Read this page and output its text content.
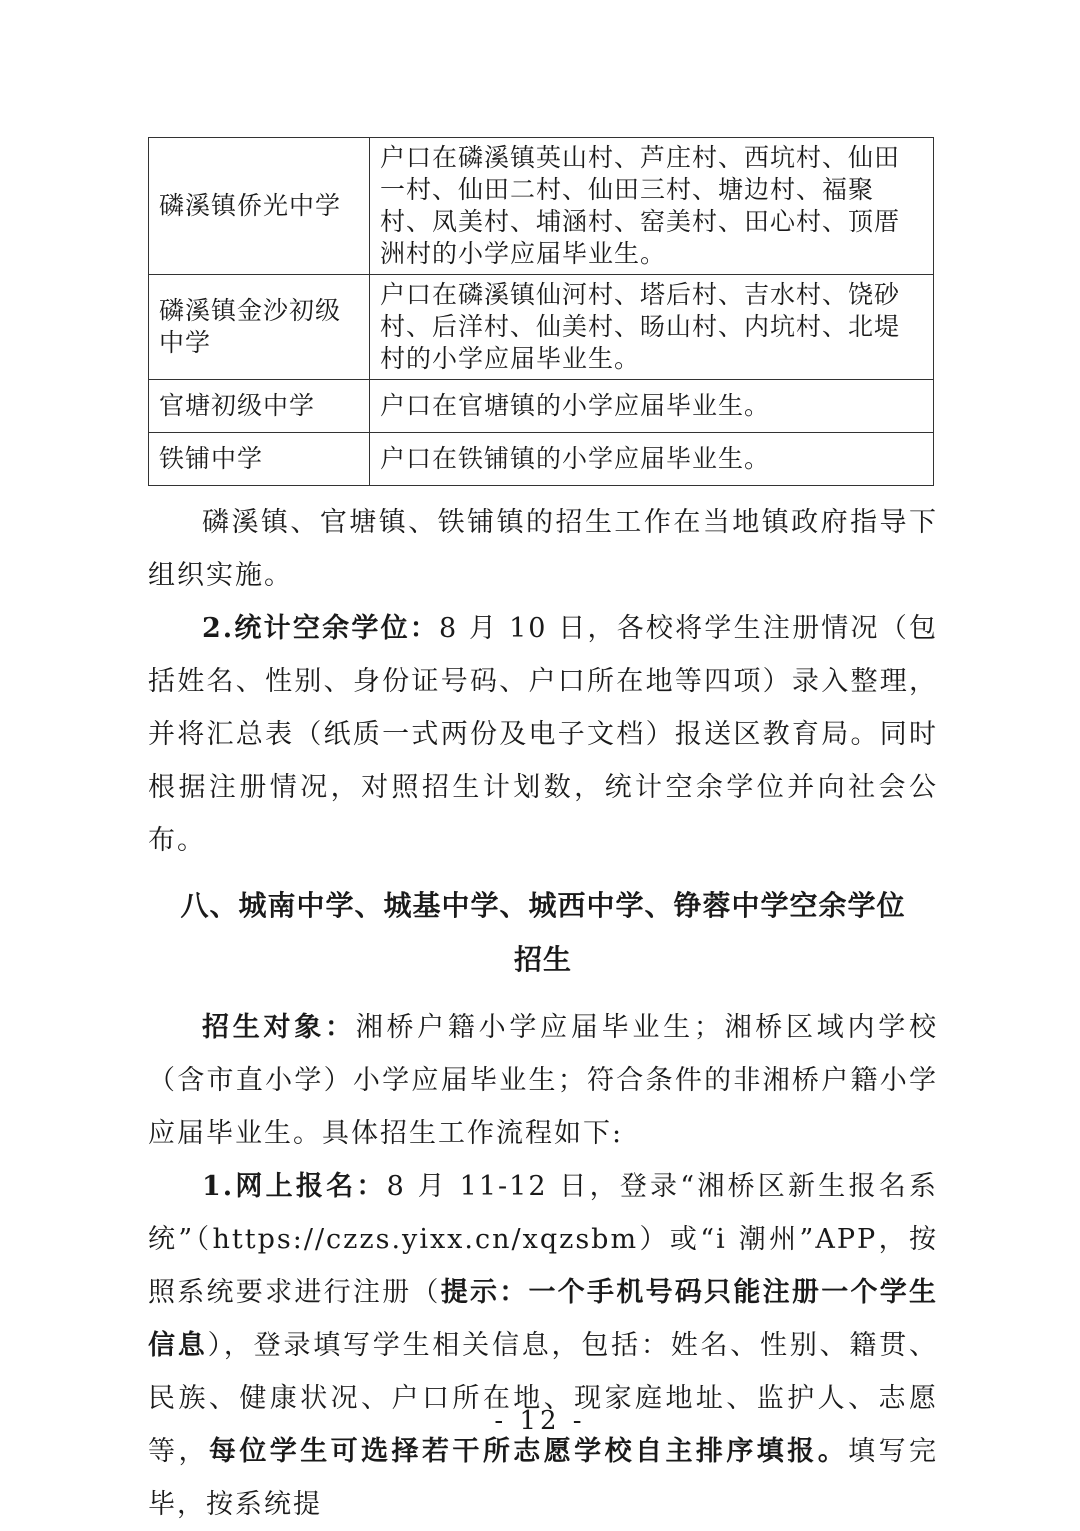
磷溪镇侨光中学	户口在磷溪镇英山村、芦庄村、西坑村、仙田一村、仙田二村、仙田三村、塘边村、福聚村、凤美村、埔涵村、窑美村、田心村、顶厝洲村的小学应届毕业生。
磷溪镇金沙初级中学	户口在磷溪镇仙河村、塔后村、吉水村、饶砂村、后洋村、仙美村、旸山村、内坑村、北堤村的小学应届毕业生。
官塘初级中学	户口在官塘镇的小学应届毕业生。
铁铺中学	户口在铁铺镇的小学应届毕业生。

磷溪镇、官塘镇、铁铺镇的招生工作在当地镇政府指导下组织实施。

2.统计空余学位：8 月 10 日，各校将学生注册情况（包括姓名、性别、身份证号码、户口所在地等四项）录入整理，并将汇总表（纸质一式两份及电子文档）报送区教育局。同时根据注册情况，对照招生计划数，统计空余学位并向社会公布。

八、城南中学、城基中学、城西中学、铮蓉中学空余学位
招生

招生对象：湘桥户籍小学应届毕业生；湘桥区域内学校（含市直小学）小学应届毕业生；符合条件的非湘桥户籍小学应届毕业生。具体招生工作流程如下:

1.网上报名：8 月 11-12 日，登录“湘桥区新生报名系统”（https://czzs.yixx.cn/xqzsbm）或“i 潮州”APP，按照系统要求进行注册（提示：一个手机号码只能注册一个学生信息），登录填写学生相关信息，包括：姓名、性别、籍贯、民族、健康状况、户口所在地、现家庭地址、监护人、志愿等，每位学生可选择若干所志愿学校自主排序填报。填写完毕，按系统提

- 12 -
